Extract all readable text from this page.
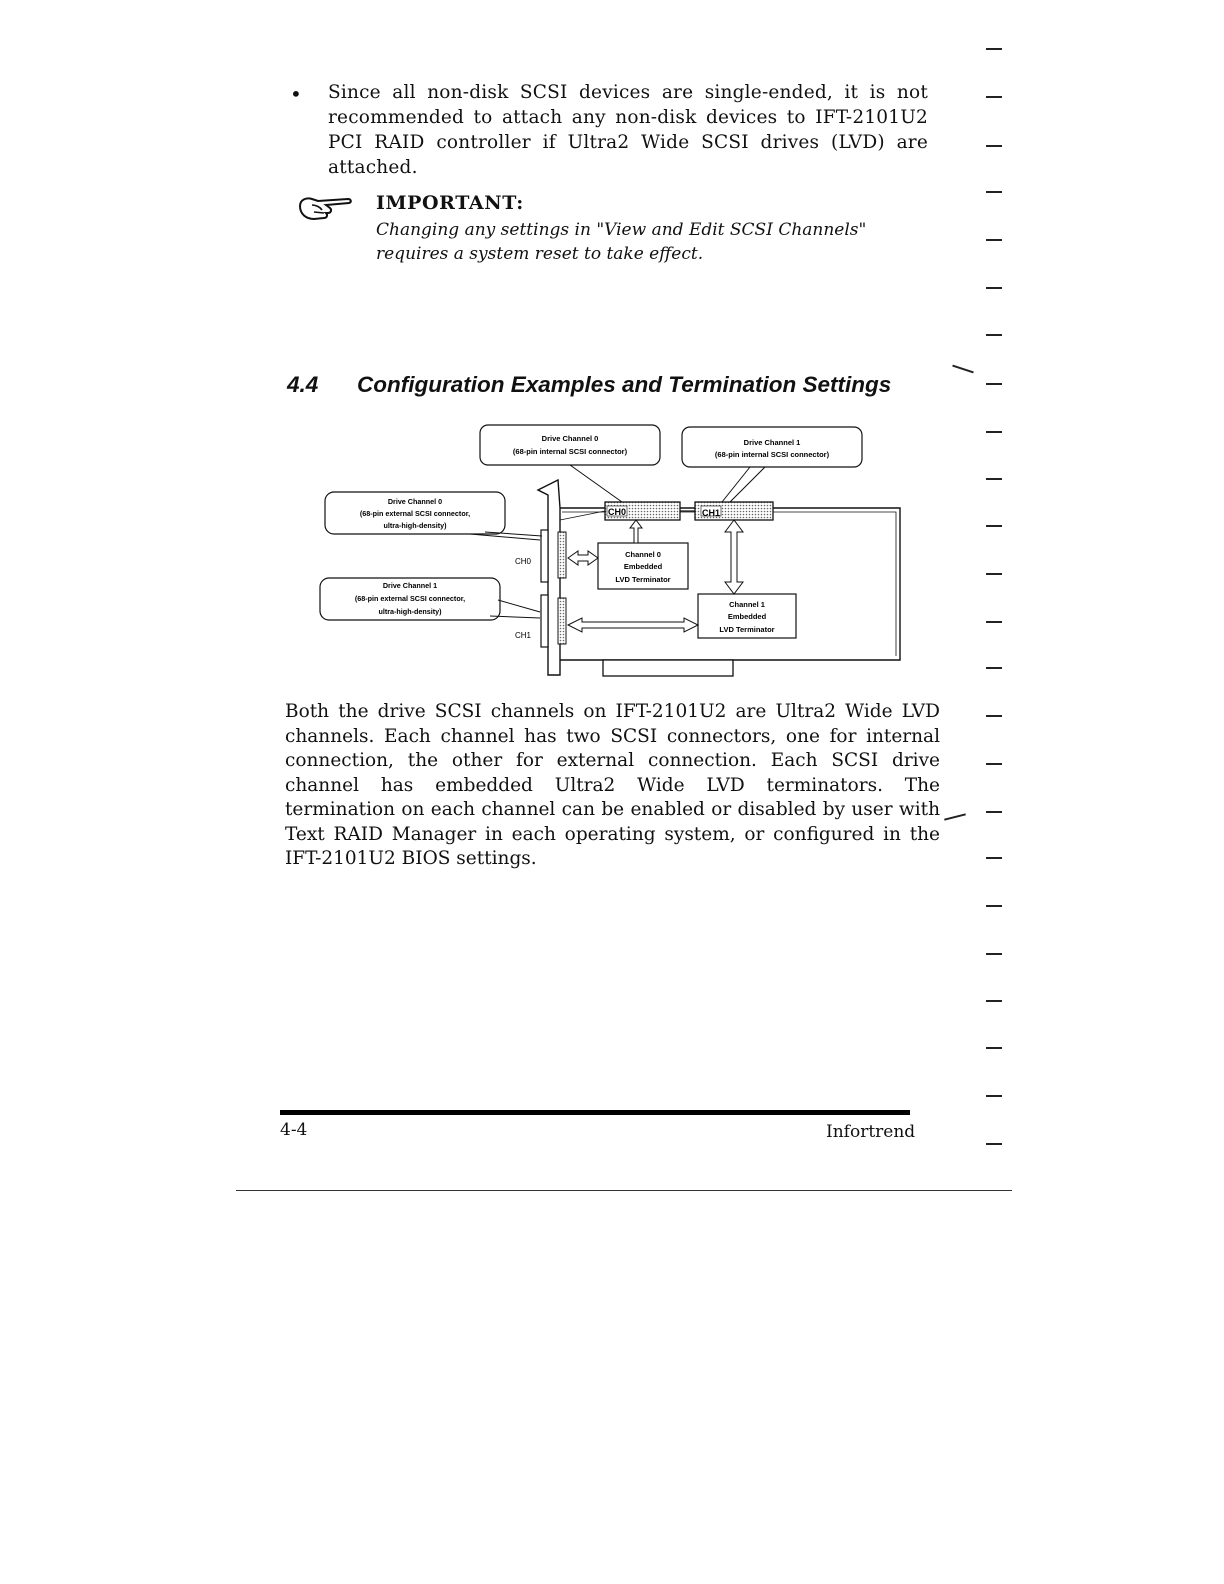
• Since all non-disk SCSI devices are single-ended, it is not recommended to attach any non-disk devices to IFT-2101U2 PCI RAID controller if Ultra2 Wide SCSI drives (LVD) are attached.
IMPORTANT:
Changing any settings in "View and Edit SCSI Channels" requires a system reset to take effect.
4.4 Configuration Examples and Termination Settings
Drive Channel 0
(68-pin internal SCSI connector)
Drive Channel 1
(68-pin internal SCSI connector)
Drive Channel 0
(68-pin external SCSI connector,
ultra-high-density)
Drive Channel 1
(68-pin external SCSI connector,
ultra-high-density)
CH0	CH1
CH0
CH1
Channel 0
Embedded
LVD Terminator
Channel 1
Embedded
LVD Terminator
Both the drive SCSI channels on IFT-2101U2 are Ultra2 Wide LVD channels. Each channel has two SCSI connectors, one for internal connection, the other for external connection. Each SCSI drive channel has embedded Ultra2 Wide LVD terminators. The termination on each channel can be enabled or disabled by user with Text RAID Manager in each operating system, or configured in the IFT-2101U2 BIOS settings.
4-4	Infortrend
